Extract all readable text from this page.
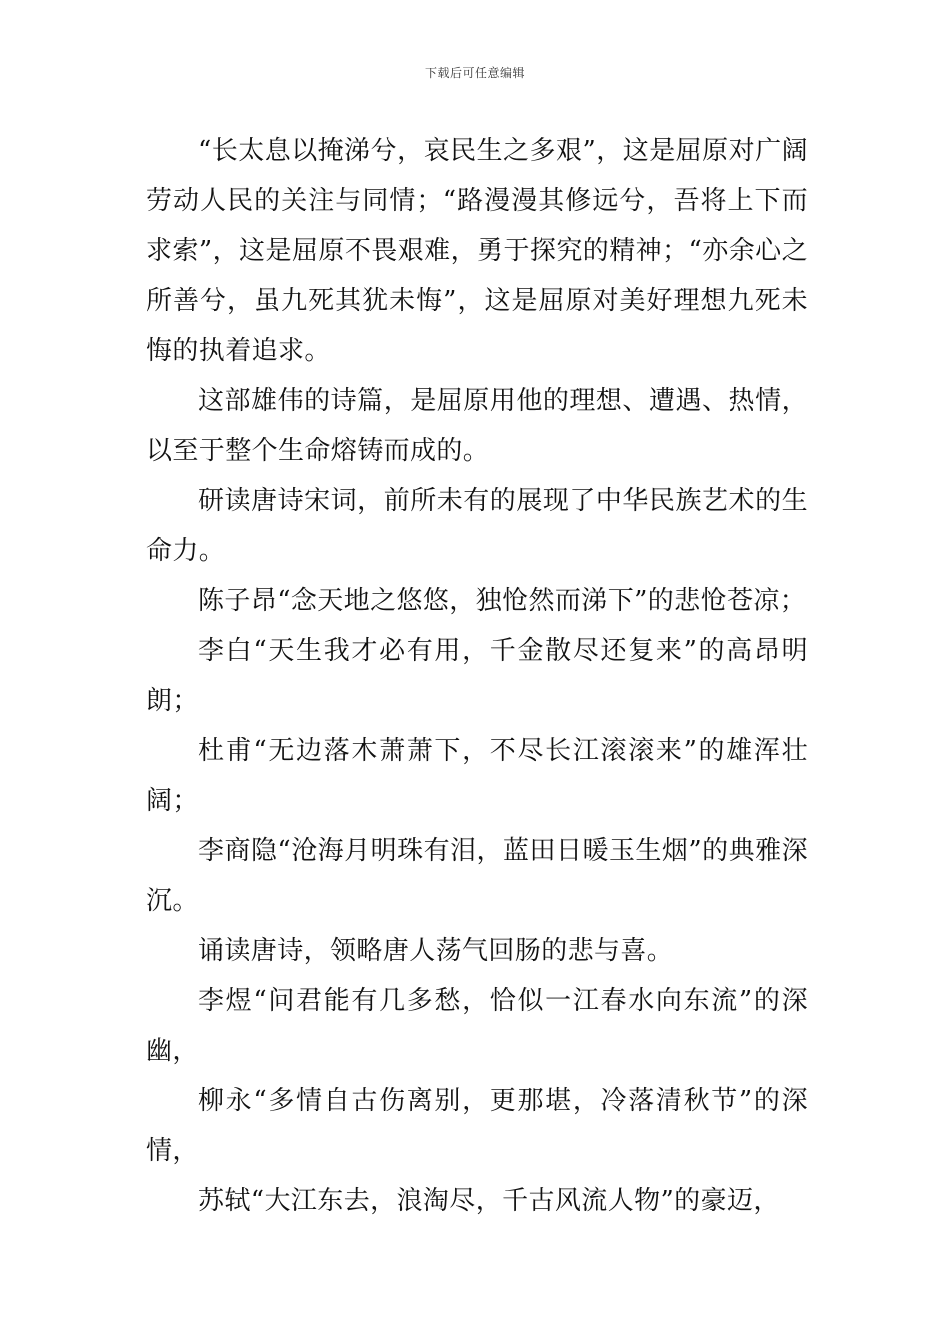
下载后可任意编辑

“长太息以掩涕兮，哀民生之多艰”，这是屈原对广阔劳动人民的关注与同情；“路漫漫其修远兮，吾将上下而求索”，这是屈原不畏艰难，勇于探究的精神；“亦余心之所善兮，虽九死其犹未悔”，这是屈原对美好理想九死未悔的执着追求。

这部雄伟的诗篇，是屈原用他的理想、遭遇、热情，以至于整个生命熔铸而成的。

研读唐诗宋词，前所未有的展现了中华民族艺术的生命力。

陈子昂“念天地之悠悠，独怆然而涕下”的悲怆苍凉；

李白“天生我才必有用，千金散尽还复来”的高昂明朗；

杜甫“无边落木萧萧下，不尽长江滚滚来”的雄浑壮阔；

李商隐“沧海月明珠有泪，蓝田日暖玉生烟”的典雅深沉。

诵读唐诗，领略唐人荡气回肠的悲与喜。

李煜“问君能有几多愁，恰似一江春水向东流”的深幽，

柳永“多情自古伤离别，更那堪，冷落清秋节”的深情，

苏轼“大江东去，浪淘尽，千古风流人物”的豪迈，
